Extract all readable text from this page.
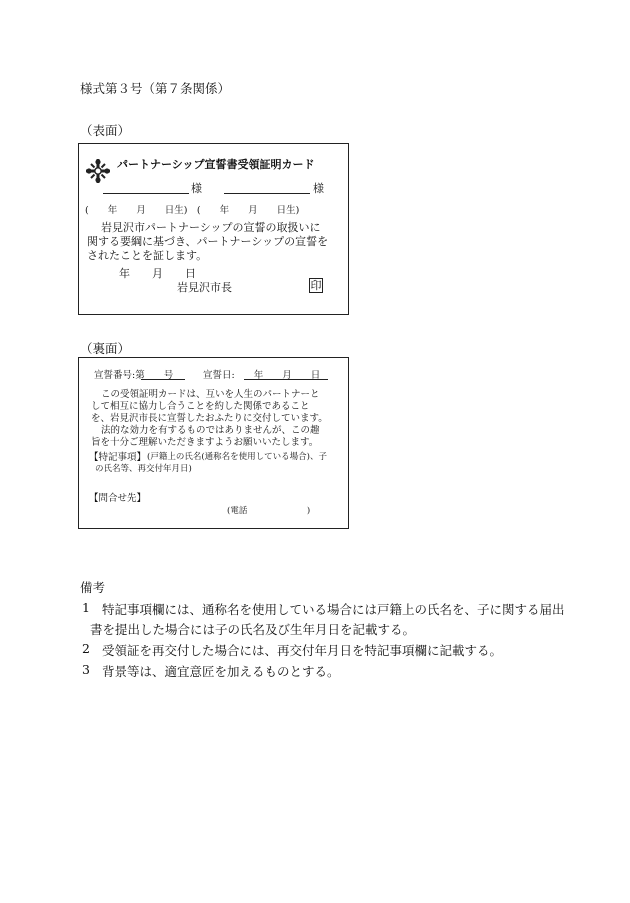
様式第３号（第７条関係）
（表面）
パートナーシップ宣誓書受領証明カード
様	様
(　　年　　月　　日生)　(　　年　　月　　日生)
岩見沢市パートナーシップの宣誓の取扱いに
関する要綱に基づき、パートナーシップの宣誓を
されたことを証します。
年　　月　　日
岩見沢市長	印
（裏面）
宣誓番号:第　　号	宣誓日:　　年　　月　　日
この受領証明カードは、互いを人生のパートナーと
して相互に協力し合うことを約した関係であること
を、岩見沢市長に宣誓したおふたりに交付しています。
法的な効力を有するものではありませんが、この趣
旨を十分ご理解いただきますようお願いいたします。
【特記事項】 (戸籍上の氏名(通称名を使用している場合)、子
の氏名等、再交付年月日)
【問合せ先】
(電話　　　　　　　)
備考
1 特記事項欄には、通称名を使用している場合には戸籍上の氏名を、子に関する届出
書を提出した場合には子の氏名及び生年月日を記載する。
2 受領証を再交付した場合には、再交付年月日を特記事項欄に記載する。
3 背景等は、適宜意匠を加えるものとする。
